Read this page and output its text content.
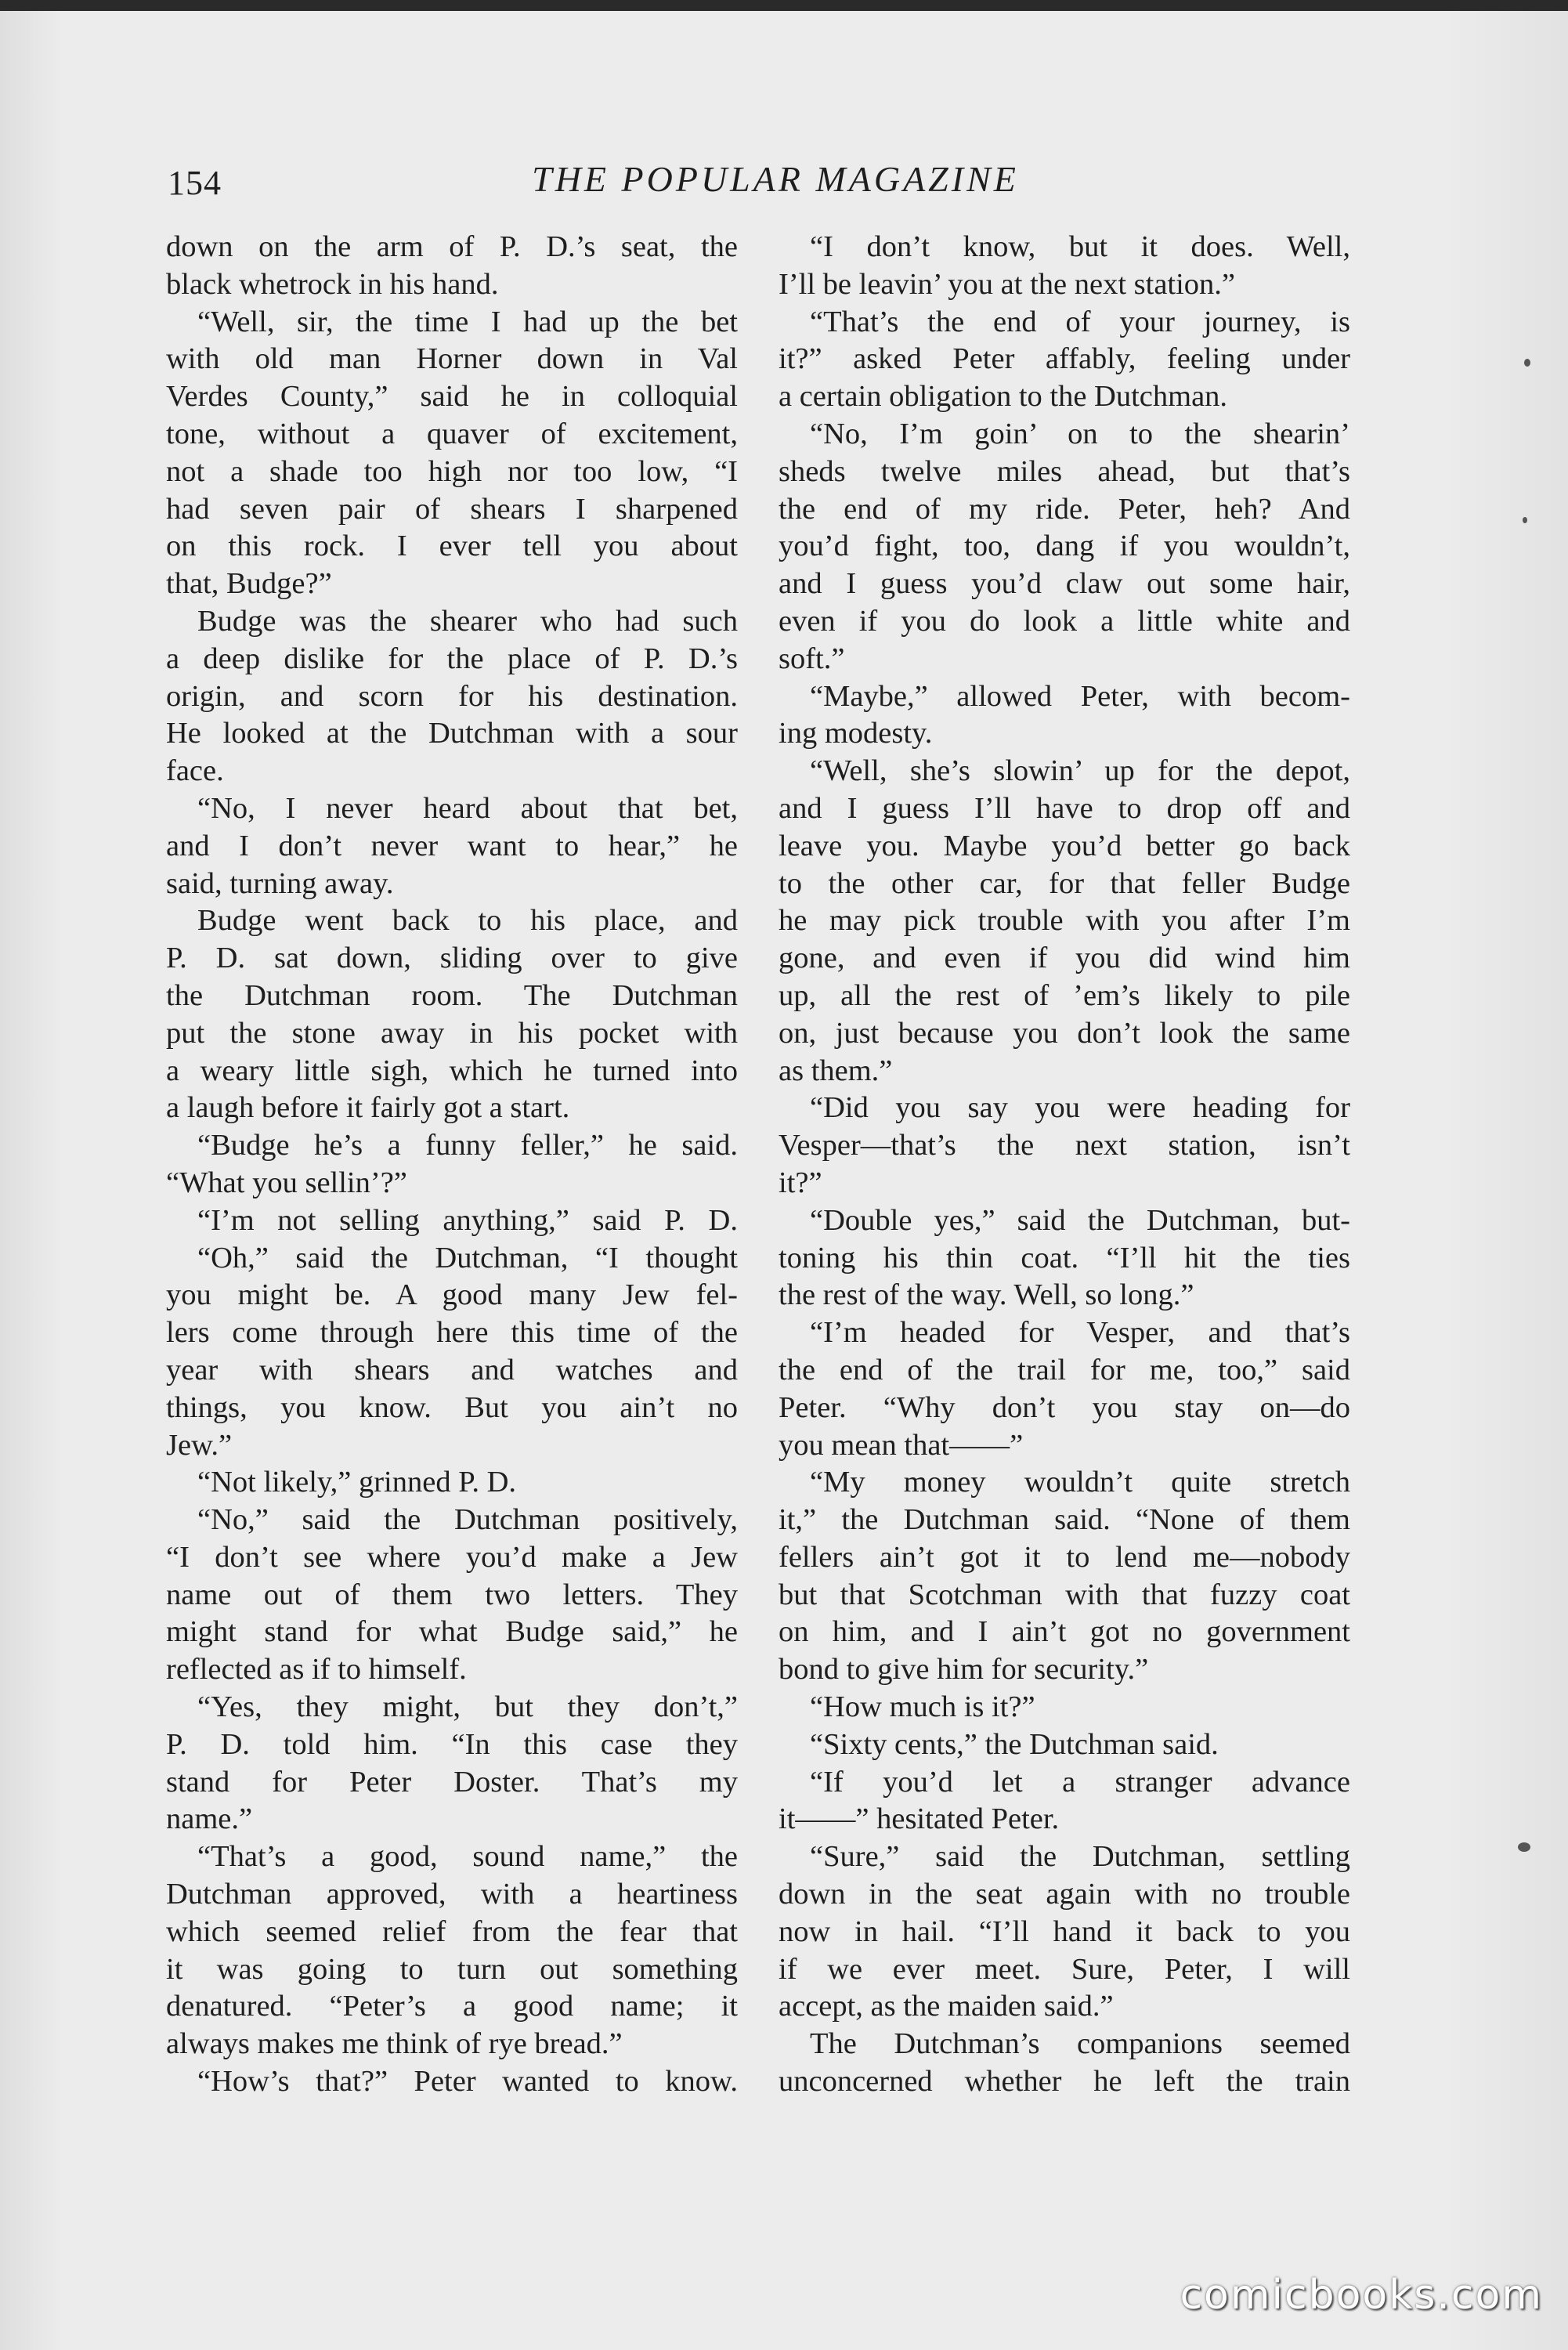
154	THE POPULAR MAGAZINE

down on the arm of P. D.’s seat, the

black whetrock in his hand.

“Well, sir, the time I had up the bet

with old man Horner down in Val

Verdes County,” said he in colloquial

tone, without a quaver of excitement,

not a shade too high nor too low, “I

had seven pair of shears I sharpened

on this rock. I ever tell you about

that, Budge?”

Budge was the shearer who had such

a deep dislike for the place of P. D.’s

origin, and scorn for his destination.

He looked at the Dutchman with a sour

face.

“No, I never heard about that bet,

and I don’t never want to hear,” he

said, turning away.

Budge went back to his place, and

P. D. sat down, sliding over to give

the Dutchman room. The Dutchman

put the stone away in his pocket with

a weary little sigh, which he turned into

a laugh before it fairly got a start.

“Budge he’s a funny feller,” he said.

“What you sellin’?”

“I’m not selling anything,” said P. D.

“Oh,” said the Dutchman, “I thought

you might be. A good many Jew fel-

lers come through here this time of the

year with shears and watches and

things, you know. But you ain’t no

Jew.”

“Not likely,” grinned P. D.

“No,” said the Dutchman positively,

“I don’t see where you’d make a Jew

name out of them two letters. They

might stand for what Budge said,” he

reflected as if to himself.

“Yes, they might, but they don’t,”

P. D. told him. “In this case they

stand for Peter Doster. That’s my

name.”

“That’s a good, sound name,” the

Dutchman approved, with a heartiness

which seemed relief from the fear that

it was going to turn out something

denatured. “Peter’s a good name; it

always makes me think of rye bread.”

“How’s that?” Peter wanted to know.

“I don’t know, but it does. Well,

I’ll be leavin’ you at the next station.”

“That’s the end of your journey, is

it?” asked Peter affably, feeling under

a certain obligation to the Dutchman.

“No, I’m goin’ on to the shearin’

sheds twelve miles ahead, but that’s

the end of my ride. Peter, heh? And

you’d fight, too, dang if you wouldn’t,

and I guess you’d claw out some hair,

even if you do look a little white and

soft.”

“Maybe,” allowed Peter, with becom-

ing modesty.

“Well, she’s slowin’ up for the depot,

and I guess I’ll have to drop off and

leave you. Maybe you’d better go back

to the other car, for that feller Budge

he may pick trouble with you after I’m

gone, and even if you did wind him

up, all the rest of ’em’s likely to pile

on, just because you don’t look the same

as them.”

“Did you say you were heading for

Vesper—that’s the next station, isn’t

it?”

“Double yes,” said the Dutchman, but-

toning his thin coat. “I’ll hit the ties

the rest of the way. Well, so long.”

“I’m headed for Vesper, and that’s

the end of the trail for me, too,” said

Peter. “Why don’t you stay on—do

you mean that——”

“My money wouldn’t quite stretch

it,” the Dutchman said. “None of them

fellers ain’t got it to lend me—nobody

but that Scotchman with that fuzzy coat

on him, and I ain’t got no government

bond to give him for security.”

“How much is it?”

“Sixty cents,” the Dutchman said.

“If you’d let a stranger advance

it——” hesitated Peter.

“Sure,” said the Dutchman, settling

down in the seat again with no trouble

now in hail. “I’ll hand it back to you

if we ever meet. Sure, Peter, I will

accept, as the maiden said.”

The Dutchman’s companions seemed

unconcerned whether he left the train

comicbooks.com
